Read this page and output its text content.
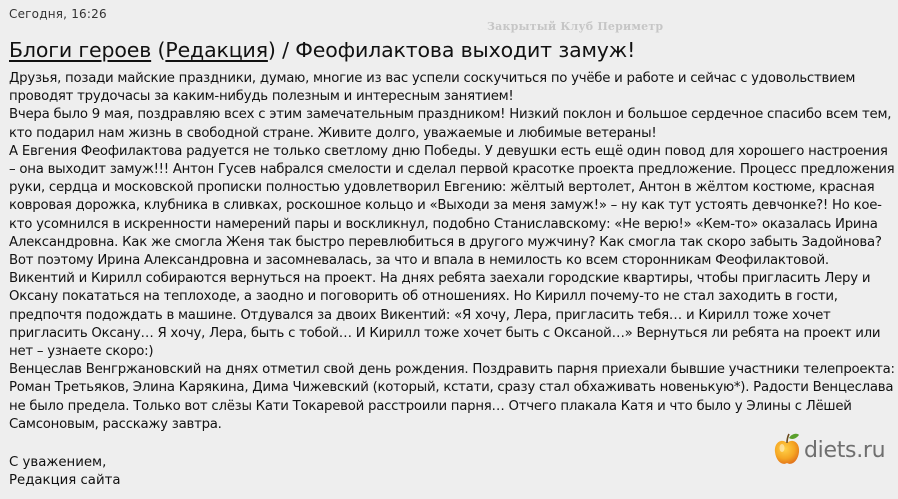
Сегодня, 16:26
Закрытый Клуб Периметр
Блоги героев (Редакция) / Феофилактова выходит замуж!

Друзья, позади майские праздники, думаю, многие из вас успели соскучиться по учёбе и работе и сейчас с удовольствием проводят трудочасы за каким-нибудь полезным и интересным занятием!

Вчера было 9 мая, поздравляю всех с этим замечательным праздником! Низкий поклон и большое сердечное спасибо всем тем, кто подарил нам жизнь в свободной стране. Живите долго, уважаемые и любимые ветераны!

А Евгения Феофилактова радуется не только светлому дню Победы. У девушки есть ещё один повод для хорошего настроения – она выходит замуж!!! Антон Гусев набрался смелости и сделал первой красотке проекта предложение. Процесс предложения руки, сердца и московской прописки полностью удовлетворил Евгению: жёлтый вертолет, Антон в жёлтом костюме, красная ковровая дорожка, клубника в сливках, роскошное кольцо и «Выходи за меня замуж!» – ну как тут устоять девчонке?! Но кое-кто усомнился в искренности намерений пары и воскликнул, подобно Станиславскому: «Не верю!» «Кем-то» оказалась Ирина Александровна. Как же смогла Женя так быстро перевлюбиться в другого мужчину? Как смогла так скоро забыть Задойнова? Вот поэтому Ирина Александровна и засомневалась, за что и впала в немилость ко всем сторонникам Феофилактовой.

Викентий и Кирилл собираются вернуться на проект. На днях ребята заехали городские квартиры, чтобы пригласить Леру и Оксану покататься на теплоходе, а заодно и поговорить об отношениях. Но Кирилл почему-то не стал заходить в гости, предпочтя подождать в машине. Отдувался за двоих Викентий: «Я хочу, Лера, пригласить тебя… и Кирилл тоже хочет пригласить Оксану… Я хочу, Лера, быть с тобой… И Кирилл тоже хочет быть с Оксаной…» Вернуться ли ребята на проект или нет – узнаете скоро:)

Венцеслав Венгржановский на днях отметил свой день рождения. Поздравить парня приехали бывшие участники телепроекта: Роман Третьяков, Элина Карякина, Дима Чижевский (который, кстати, сразу стал обхаживать новенькую*). Радости Венцеслава не было предела. Только вот слёзы Кати Токаревой расстроили парня… Отчего плакала Катя и что было у Элины с Лёшей Самсоновым, расскажу завтра.

С уважением,

Редакция сайта

diets.ru
